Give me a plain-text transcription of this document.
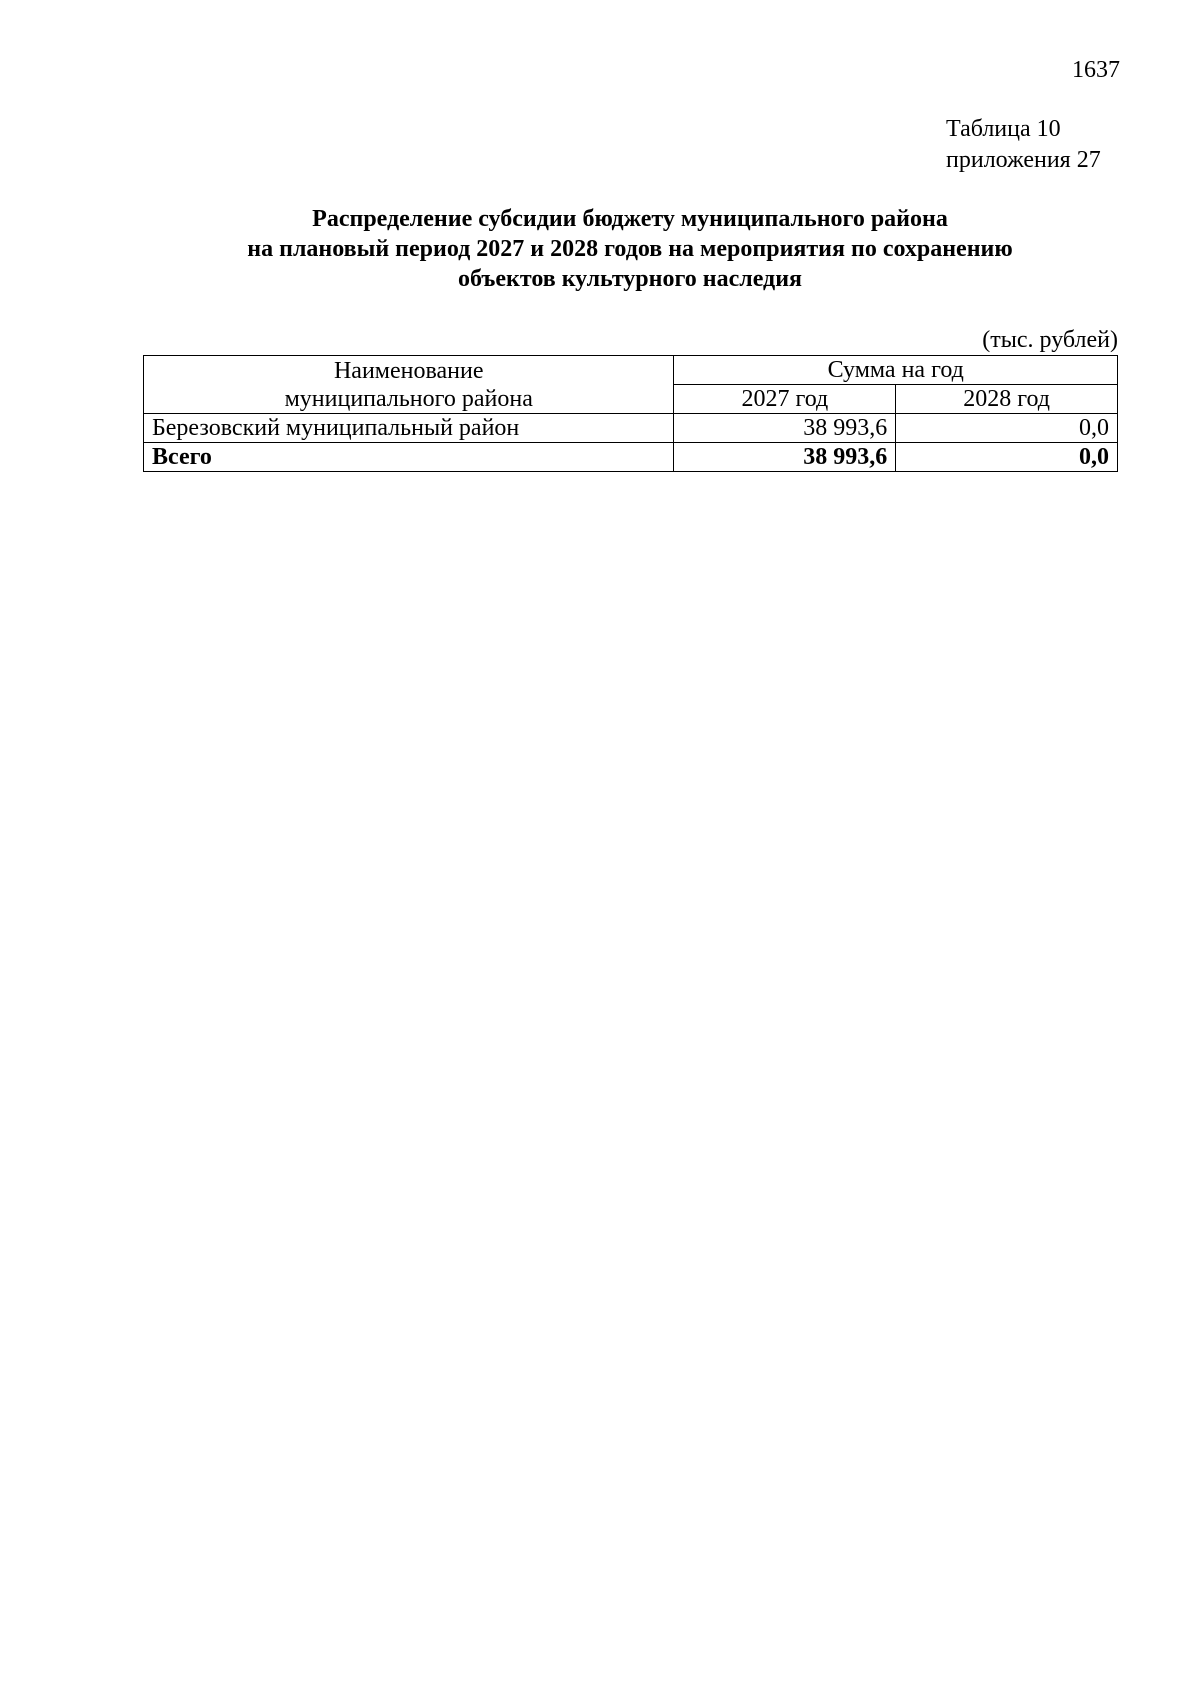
1637
Таблица 10
приложения 27
Распределение субсидии бюджету муниципального района
на плановый период 2027 и 2028 годов на мероприятия по сохранению
объектов культурного наследия
(тыс. рублей)
Наименование
муниципального района	Сумма на год	
	2027 год	2028 год
Березовский муниципальный район	38 993,6	0,0
Всего	38 993,6	0,0
